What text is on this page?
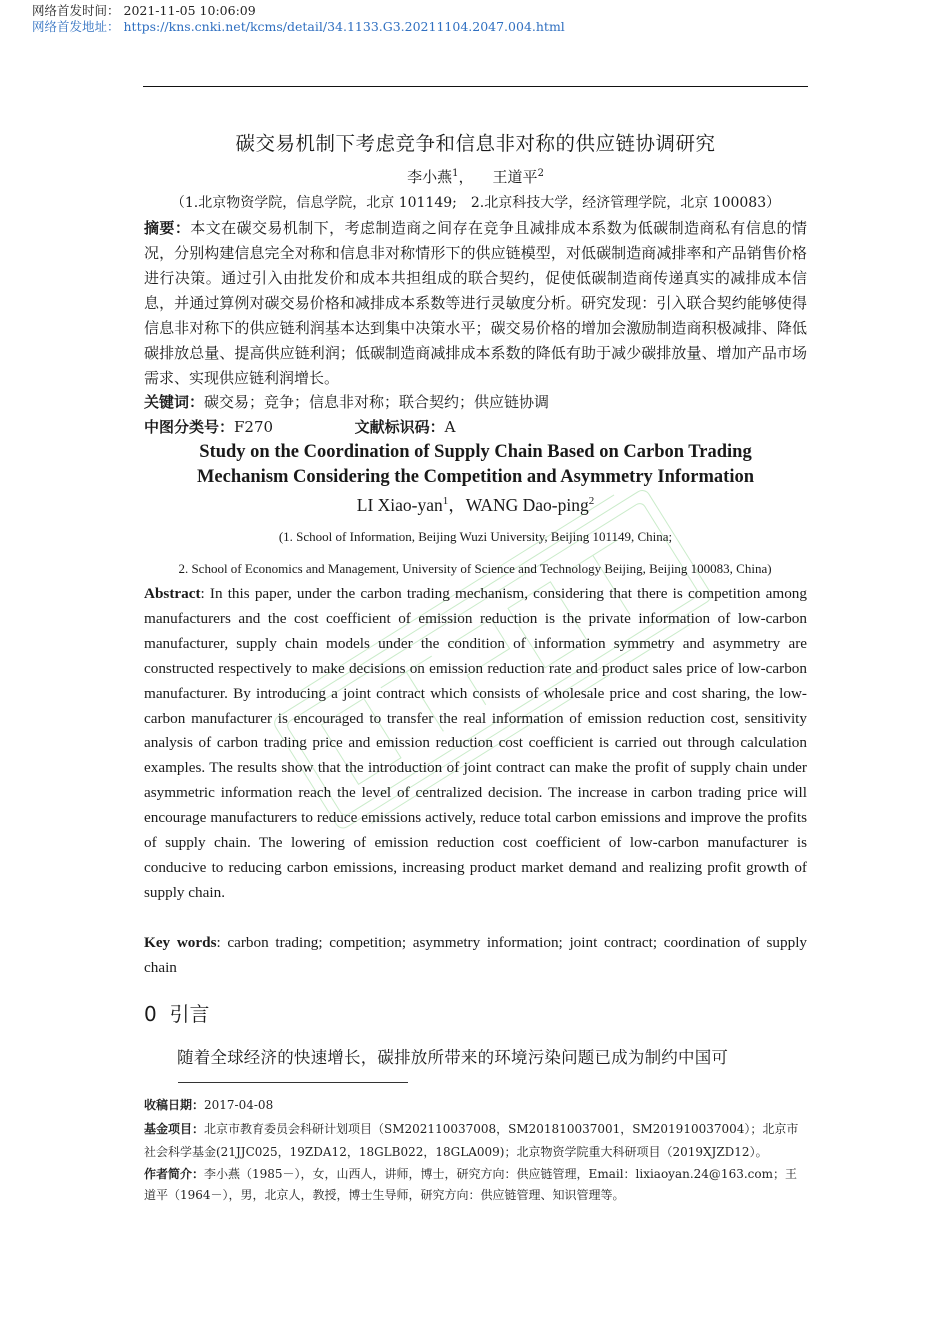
网络首发时间： 2021-11-05 10:06:09
网络首发地址： https://kns.cnki.net/kcms/detail/34.1133.G3.20211104.2047.004.html
碳交易机制下考虑竞争和信息非对称的供应链协调研究
李小燕$^1$， 王道平$^2$
（1.北京物资学院，信息学院，北京 101149;　2.北京科技大学，经济管理学院，北京 100083）
摘要：本文在碳交易机制下，考虑制造商之间存在竞争且减排成本系数为低碳制造商私有信息的情况，分别构建信息完全对称和信息非对称情形下的供应链模型，对低碳制造商减排率和产品销售价格进行决策。通过引入由批发价和成本共担组成的联合契约，促使低碳制造商传递真实的减排成本信息，并通过算例对碳交易价格和减排成本系数等进行灵敏度分析。研究发现：引入联合契约能够使得信息非对称下的供应链利润基本达到集中决策水平；碳交易价格的增加会激励制造商积极减排、降低碳排放总量、提高供应链利润；低碳制造商减排成本系数的降低有助于减少碳排放量、增加产品市场需求、实现供应链利润增长。
关键词：碳交易；竞争；信息非对称；联合契约；供应链协调
中图分类号：F270	文献标识码：A
Study on the Coordination of Supply Chain Based on Carbon Trading
Mechanism Considering the Competition and Asymmetry Information
LI Xiao-yan$^1$，WANG Dao-ping$^2$
(1. School of Information, Beijing Wuzi University, Beijing 101149, China;
2. School of Economics and Management, University of Science and Technology Beijing, Beijing 100083, China)
Abstract: In this paper, under the carbon trading mechanism, considering that there is competition among manufacturers and the cost coefficient of emission reduction is the private information of low-carbon manufacturer, supply chain models under the condition of information symmetry and asymmetry are constructed respectively to make decisions on emission reduction rate and product sales price of low-carbon manufacturer. By introducing a joint contract which consists of wholesale price and cost sharing, the low-carbon manufacturer is encouraged to transfer the real information of emission reduction cost, sensitivity analysis of carbon trading price and emission reduction cost coefficient is carried out through calculation examples. The results show that the introduction of joint contract can make the profit of supply chain under asymmetric information reach the level of centralized decision. The increase in carbon trading price will encourage manufacturers to reduce emissions actively, reduce total carbon emissions and improve the profits of supply chain. The lowering of emission reduction cost coefficient of low-carbon manufacturer is conducive to reducing carbon emissions, increasing product market demand and realizing profit growth of supply chain.
Key words: carbon trading; competition; asymmetry information; joint contract; coordination of supply chain
0 引言
随着全球经济的快速增长，碳排放所带来的环境污染问题已成为制约中国可
收稿日期：2017-04-08
基金项目：北京市教育委员会科研计划项目（SM202110037008，SM201810037001，SM201910037004）；北京市社会科学基金(21JJC025，19ZDA12，18GLB022，18GLA009)；北京物资学院重大科研项目（2019XJZD12）。
作者简介：李小燕（1985－），女，山西人，讲师，博士，研究方向：供应链管理，Email：lixiaoyan.24@163.com；王道平（1964－），男，北京人，教授，博士生导师，研究方向：供应链管理、知识管理等。
